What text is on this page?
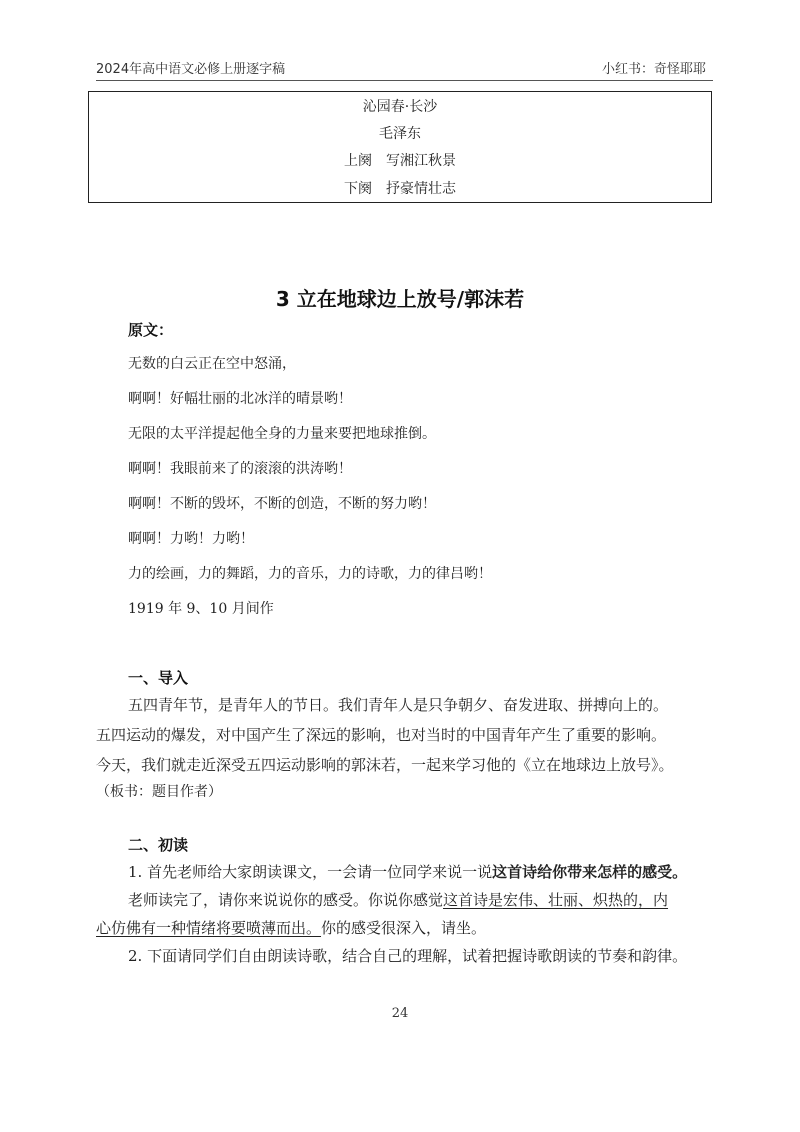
2024年高中语文必修上册逐字稿	小红书：奇怪耶耶
沁园春·长沙
毛泽东
上阕　写湘江秋景
下阕　抒豪情壮志
3 立在地球边上放号/郭沫若
原文：
无数的白云正在空中怒涌，
啊啊！好幅壮丽的北冰洋的晴景哟！
无限的太平洋提起他全身的力量来要把地球推倒。
啊啊！我眼前来了的滚滚的洪涛哟！
啊啊！不断的毁坏，不断的创造，不断的努力哟！
啊啊！力哟！力哟！
力的绘画，力的舞蹈，力的音乐，力的诗歌，力的律吕哟！
1919 年 9、10 月间作
一、导入
五四青年节，是青年人的节日。我们青年人是只争朝夕、奋发进取、拼搏向上的。
五四运动的爆发，对中国产生了深远的影响，也对当时的中国青年产生了重要的影响。
今天，我们就走近深受五四运动影响的郭沫若，一起来学习他的《立在地球边上放号》。
（板书：题目作者）
二、初读
1. 首先老师给大家朗读课文，一会请一位同学来说一说这首诗给你带来怎样的感受。
老师读完了，请你来说说你的感受。你说你感觉这首诗是宏伟、壮丽、炽热的，内
心仿佛有一种情绪将要喷薄而出。你的感受很深入，请坐。
2. 下面请同学们自由朗读诗歌，结合自己的理解，试着把握诗歌朗读的节奏和韵律。
24
